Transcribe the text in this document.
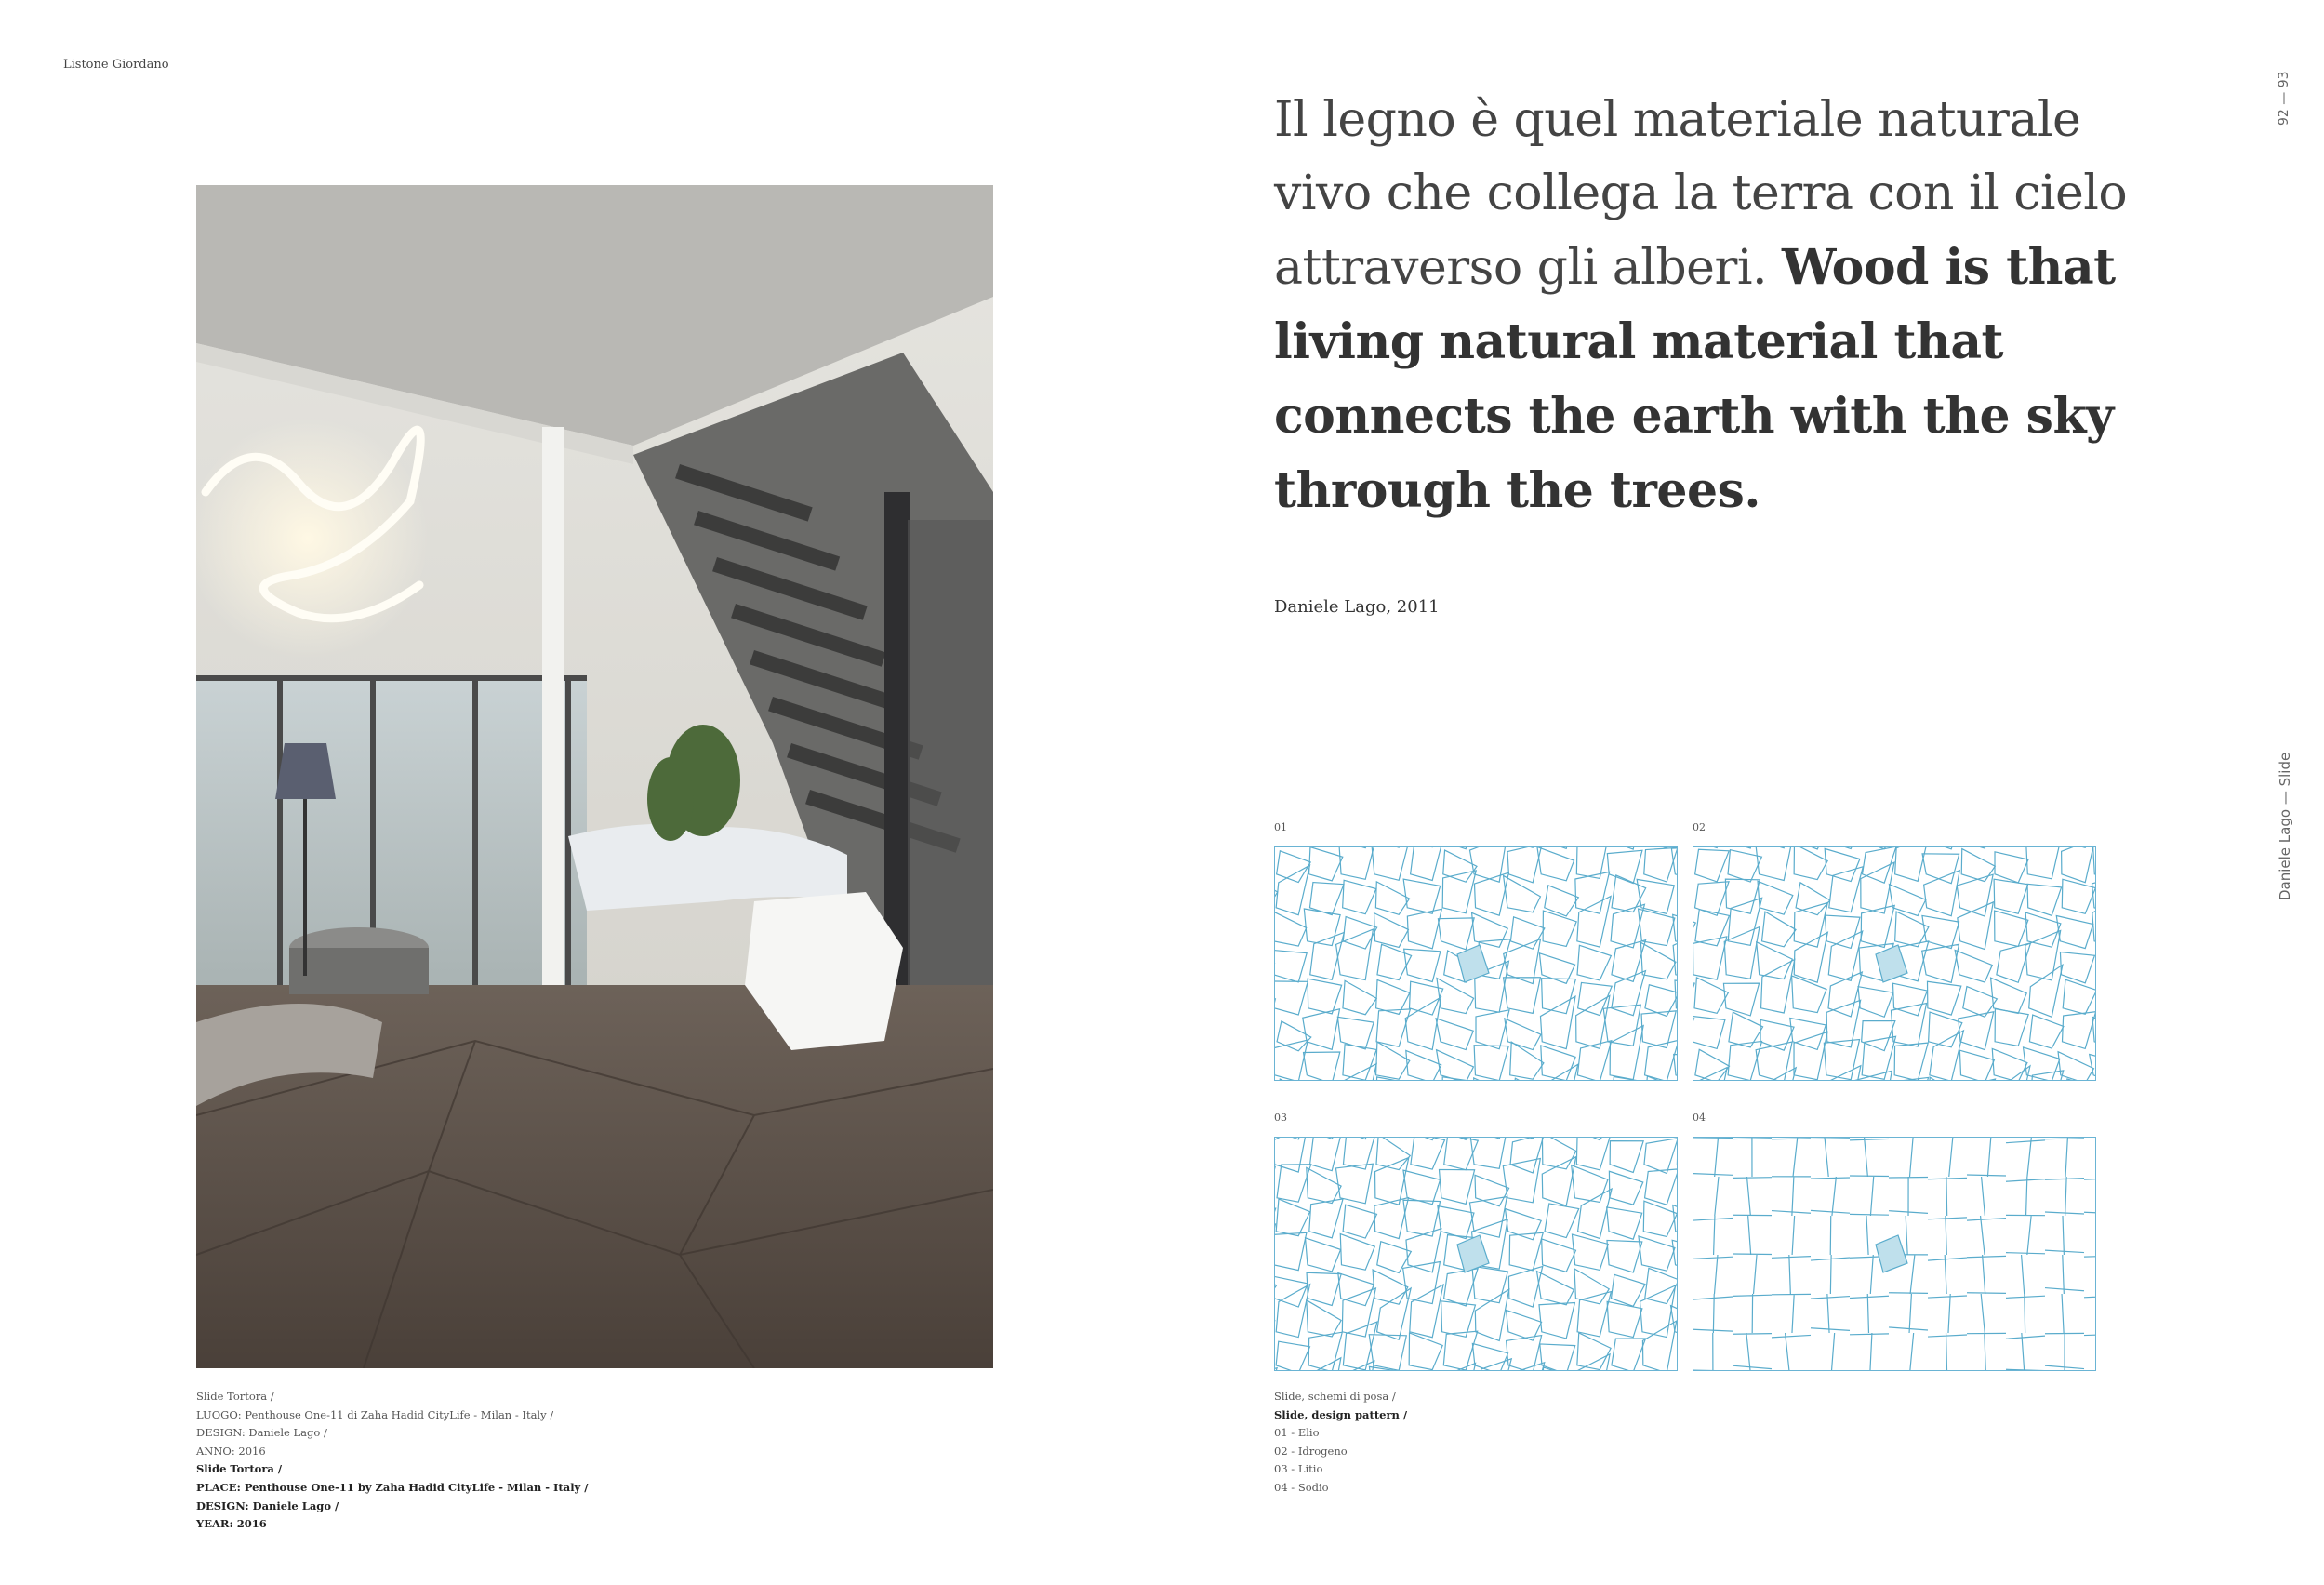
Listone Giordano
92 — 93
Daniele Lago — Slide
Slide Tortora /
LUOGO: Penthouse One-11 di Zaha Hadid CityLife - Milan - Italy /
DESIGN: Daniele Lago /
ANNO: 2016
Slide Tortora /
PLACE: Penthouse One-11 by Zaha Hadid CityLife - Milan - Italy /
DESIGN: Daniele Lago /
YEAR: 2016
Il legno è quel materiale naturale vivo che collega la terra con il cielo attraverso gli alberi. Wood is that living natural material that connects the earth with the sky through the trees.
Daniele Lago, 2011
01	02
03	04
Slide, schemi di posa /
Slide, design pattern /
01 - Elio
02 - Idrogeno
03 - Litio
04 - Sodio
